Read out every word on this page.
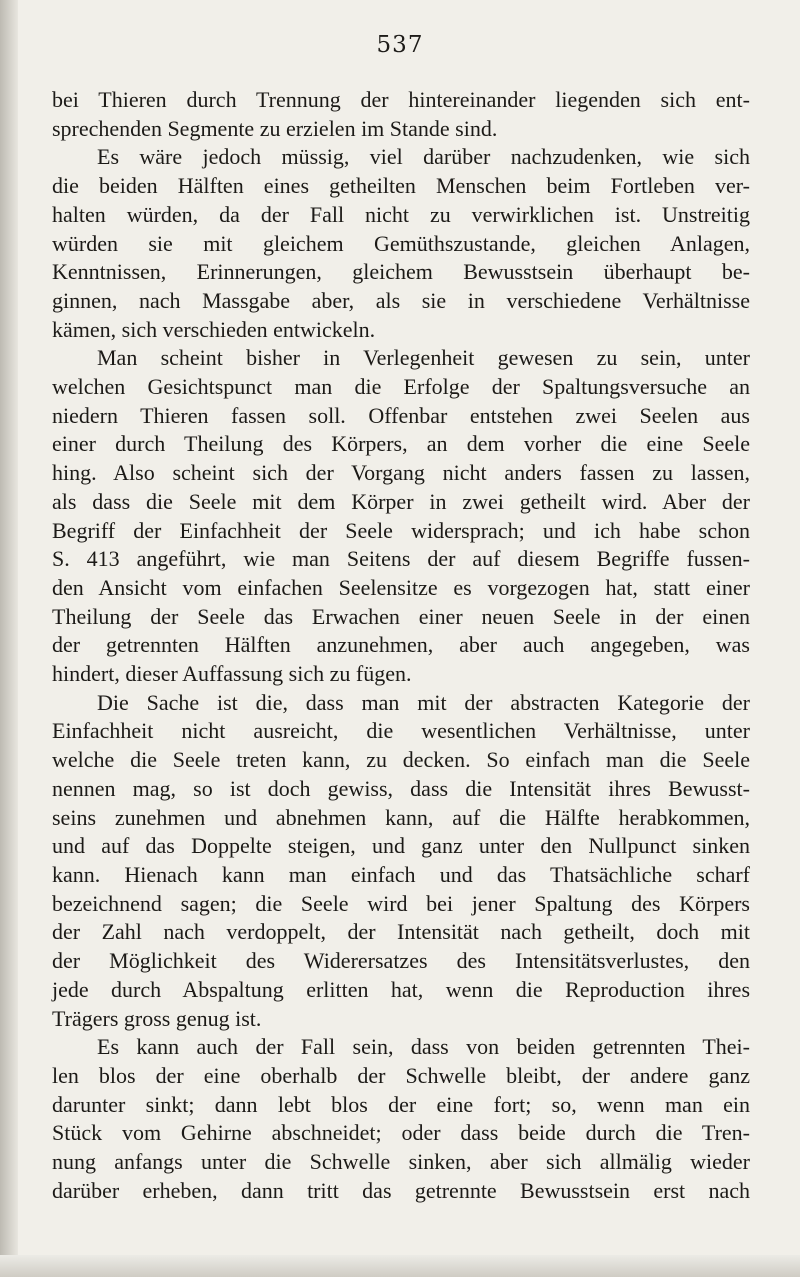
537
bei Thieren durch Trennung der hintereinander liegenden sich ent-
sprechenden Segmente zu erzielen im Stande sind.
Es wäre jedoch müssig, viel darüber nachzudenken, wie sich
die beiden Hälften eines getheilten Menschen beim Fortleben ver-
halten würden, da der Fall nicht zu verwirklichen ist. Unstreitig
würden sie mit gleichem Gemüthszustande, gleichen Anlagen,
Kenntnissen, Erinnerungen, gleichem Bewusstsein überhaupt be-
ginnen, nach Massgabe aber, als sie in verschiedene Verhältnisse
kämen, sich verschieden entwickeln.
Man scheint bisher in Verlegenheit gewesen zu sein, unter
welchen Gesichtspunct man die Erfolge der Spaltungsversuche an
niedern Thieren fassen soll. Offenbar entstehen zwei Seelen aus
einer durch Theilung des Körpers, an dem vorher die eine Seele
hing. Also scheint sich der Vorgang nicht anders fassen zu lassen,
als dass die Seele mit dem Körper in zwei getheilt wird. Aber der
Begriff der Einfachheit der Seele widersprach; und ich habe schon
S. 413 angeführt, wie man Seitens der auf diesem Begriffe fussen-
den Ansicht vom einfachen Seelensitze es vorgezogen hat, statt einer
Theilung der Seele das Erwachen einer neuen Seele in der einen
der getrennten Hälften anzunehmen, aber auch angegeben, was
hindert, dieser Auffassung sich zu fügen.
Die Sache ist die, dass man mit der abstracten Kategorie der
Einfachheit nicht ausreicht, die wesentlichen Verhältnisse, unter
welche die Seele treten kann, zu decken. So einfach man die Seele
nennen mag, so ist doch gewiss, dass die Intensität ihres Bewusst-
seins zunehmen und abnehmen kann, auf die Hälfte herabkommen,
und auf das Doppelte steigen, und ganz unter den Nullpunct sinken
kann. Hienach kann man einfach und das Thatsächliche scharf
bezeichnend sagen; die Seele wird bei jener Spaltung des Körpers
der Zahl nach verdoppelt, der Intensität nach getheilt, doch mit
der Möglichkeit des Widerersatzes des Intensitätsverlustes, den
jede durch Abspaltung erlitten hat, wenn die Reproduction ihres
Trägers gross genug ist.
Es kann auch der Fall sein, dass von beiden getrennten Thei-
len blos der eine oberhalb der Schwelle bleibt, der andere ganz
darunter sinkt; dann lebt blos der eine fort; so, wenn man ein
Stück vom Gehirne abschneidet; oder dass beide durch die Tren-
nung anfangs unter die Schwelle sinken, aber sich allmälig wieder
darüber erheben, dann tritt das getrennte Bewusstsein erst nach
